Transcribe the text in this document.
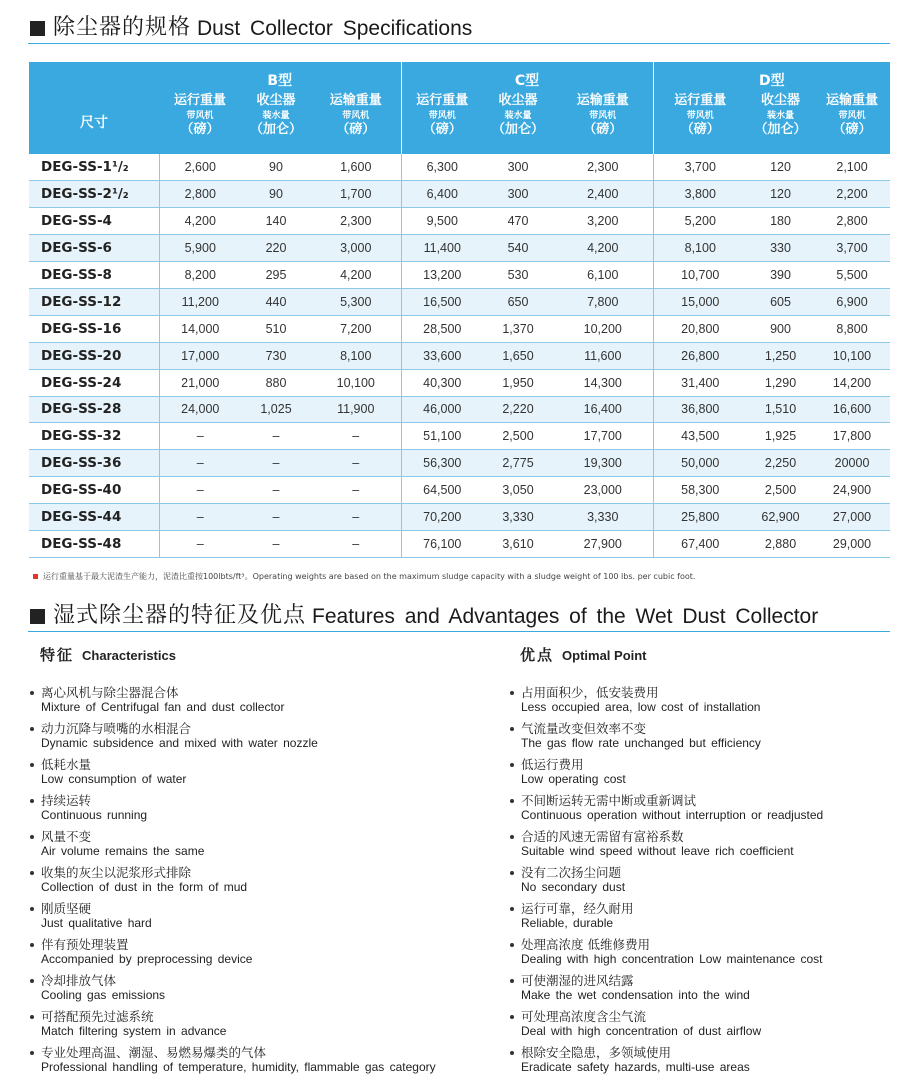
除尘器的规格 Dust Collector Specifications
	B型			C型			D型		
尺寸	运行重量
带风机
（磅）	收尘器
装水量
（加仑）	运输重量
带风机
（磅）	运行重量
带风机
（磅）	收尘器
装水量
（加仑）	运输重量
带风机
（磅）	运行重量
带风机
（磅）	收尘器
装水量
（加仑）	运输重量
带风机
（磅）

DEG-SS-1¹/₂	2,600	90	1,600	6,300	300	2,300	3,700	120	2,100
DEG-SS-2¹/₂	2,800	90	1,700	6,400	300	2,400	3,800	120	2,200
DEG-SS-4	4,200	140	2,300	9,500	470	3,200	5,200	180	2,800
DEG-SS-6	5,900	220	3,000	11,400	540	4,200	8,100	330	3,700
DEG-SS-8	8,200	295	4,200	13,200	530	6,100	10,700	390	5,500
DEG-SS-12	11,200	440	5,300	16,500	650	7,800	15,000	605	6,900
DEG-SS-16	14,000	510	7,200	28,500	1,370	10,200	20,800	900	8,800
DEG-SS-20	17,000	730	8,100	33,600	1,650	11,600	26,800	1,250	10,100
DEG-SS-24	21,000	880	10,100	40,300	1,950	14,300	31,400	1,290	14,200
DEG-SS-28	24,000	1,025	11,900	46,000	2,220	16,400	36,800	1,510	16,600
DEG-SS-32	–	–	–	51,100	2,500	17,700	43,500	1,925	17,800
DEG-SS-36	–	–	–	56,300	2,775	19,300	50,000	2,250	20000
DEG-SS-40	–	–	–	64,500	3,050	23,000	58,300	2,500	24,900
DEG-SS-44	–	–	–	70,200	3,330	3,330	25,800	62,900	27,000
DEG-SS-48	–	–	–	76,100	3,610	27,900	67,400	2,880	29,000
运行重量基于最大泥渣生产能力，泥渣比重按100lbts/ft³。Operating weights are based on the maximum sludge capacity with a sludge weight of 100 lbs. per cubic foot.
湿式除尘器的特征及优点 Features and Advantages of the Wet Dust Collector
特征 Characteristics
离心风机与除尘器混合体
Mixture of Centrifugal fan and dust collector
动力沉降与喷嘴的水相混合
Dynamic subsidence and mixed with water nozzle
低耗水量
Low consumption of water
持续运转
Continuous running
风量不变
Air volume remains the same
收集的灰尘以泥浆形式排除
Collection of dust in the form of mud
刚质坚硬
Just qualitative hard
伴有预处理装置
Accompanied by preprocessing device
冷却排放气体
Cooling gas emissions
可搭配预先过滤系统
Match filtering system in advance
专业处理高温、潮湿、易燃易爆类的气体
Professional handling of temperature, humidity, flammable gas category
优点 Optimal Point
占用面积少，低安装费用
Less occupied area, low cost of installation
气流量改变但效率不变
The gas flow rate unchanged but efficiency
低运行费用
Low operating cost
不间断运转无需中断或重新调试
Continuous operation without interruption or readjusted
合适的风速无需留有富裕系数
Suitable wind speed without leave rich coefficient
没有二次扬尘问题
No secondary dust
运行可靠，经久耐用
Reliable, durable
处理高浓度 低维修费用
Dealing with high concentration Low maintenance cost
可使潮湿的进风结露
Make the wet condensation into the wind
可处理高浓度含尘气流
Deal with high concentration of dust airflow
根除安全隐患，多领域使用
Eradicate safety hazards, multi-use areas
